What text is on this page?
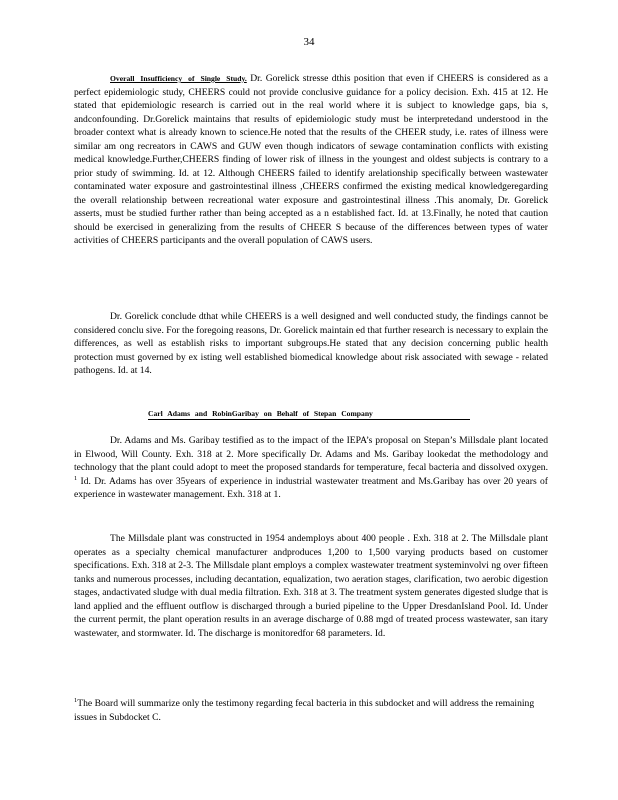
34

Overall Insufficiency of Single Study. Dr. Gorelick stresse dthis position that even if CHEERS is considered as a perfect epidemiologic study, CHEERS could not provide conclusive guidance for a policy decision. Exh. 415 at 12. He stated that epidemiologic research is carried out in the real world where it is subject to knowledge gaps, bia s, andconfounding. Dr.Gorelick maintains that results of epidemiologic study must be interpretedand understood in the broader context what is already known to science.He noted that the results of the CHEER study, i.e. rates of illness were similar am ong recreators in CAWS and GUW even though indicators of sewage contamination conflicts with existing medical knowledge.Further,CHEERS finding of lower risk of illness in the youngest and oldest subjects is contrary to a prior study of swimming. Id. at 12. Although CHEERS failed to identify arelationship specifically between wastewater contaminated water exposure and gastrointestinal illness ,CHEERS confirmed the existing medical knowledgeregarding the overall relationship between recreational water exposure and gastrointestinal illness .This anomaly, Dr. Gorelick asserts, must be studied further rather than being accepted as a n established fact. Id. at 13.Finally, he noted that caution should be exercised in generalizing from the results of CHEER S because of the differences between types of water activities of CHEERS participants and the overall population of CAWS users.

Dr. Gorelick conclude dthat while CHEERS is a well designed and well conducted study, the findings cannot be considered conclu sive. For the foregoing reasons, Dr. Gorelick maintain ed that further research is necessary to explain the differences, as well as establish risks to important subgroups.He stated that any decision concerning public health protection must governed by ex isting well established biomedical knowledge about risk associated with sewage - related pathogens. Id. at 14.

Carl Adams and RobinGaribay on Behalf of Stepan Company

Dr. Adams and Ms. Garibay testified as to the impact of the IEPA’s proposal on Stepan’s Millsdale plant located in Elwood, Will County. Exh. 318 at 2. More specifically Dr. Adams and Ms. Garibay lookedat the methodology and technology that the plant could adopt to meet the proposed standards for temperature, fecal bacteria and dissolved oxygen. $^1$ Id. Dr. Adams has over 35years of experience in industrial wastewater treatment and Ms.Garibay has over 20 years of experience in wastewater management. Exh. 318 at 1.

The Millsdale plant was constructed in 1954 andemploys about 400 people . Exh. 318 at 2. The Millsdale plant operates as a specialty chemical manufacturer andproduces 1,200 to 1,500 varying products based on customer specifications. Exh. 318 at 2-3. The Millsdale plant employs a complex wastewater treatment systeminvolvi ng over fifteen tanks and numerous processes, including decantation, equalization, two aeration stages, clarification, two aerobic digestion stages, andactivated sludge with dual media filtration. Exh. 318 at 3. The treatment system generates digested sludge that is land applied and the effluent outflow is discharged through a buried pipeline to the Upper DresdanIsland Pool. Id. Under the current permit, the plant operation results in an average discharge of 0.88 mgd of treated process wastewater, san itary wastewater, and stormwater. Id. The discharge is monitoredfor 68 parameters. Id.

$^1$The Board will summarize only the testimony regarding fecal bacteria in this subdocket and will address the remaining issues in Subdocket C.
